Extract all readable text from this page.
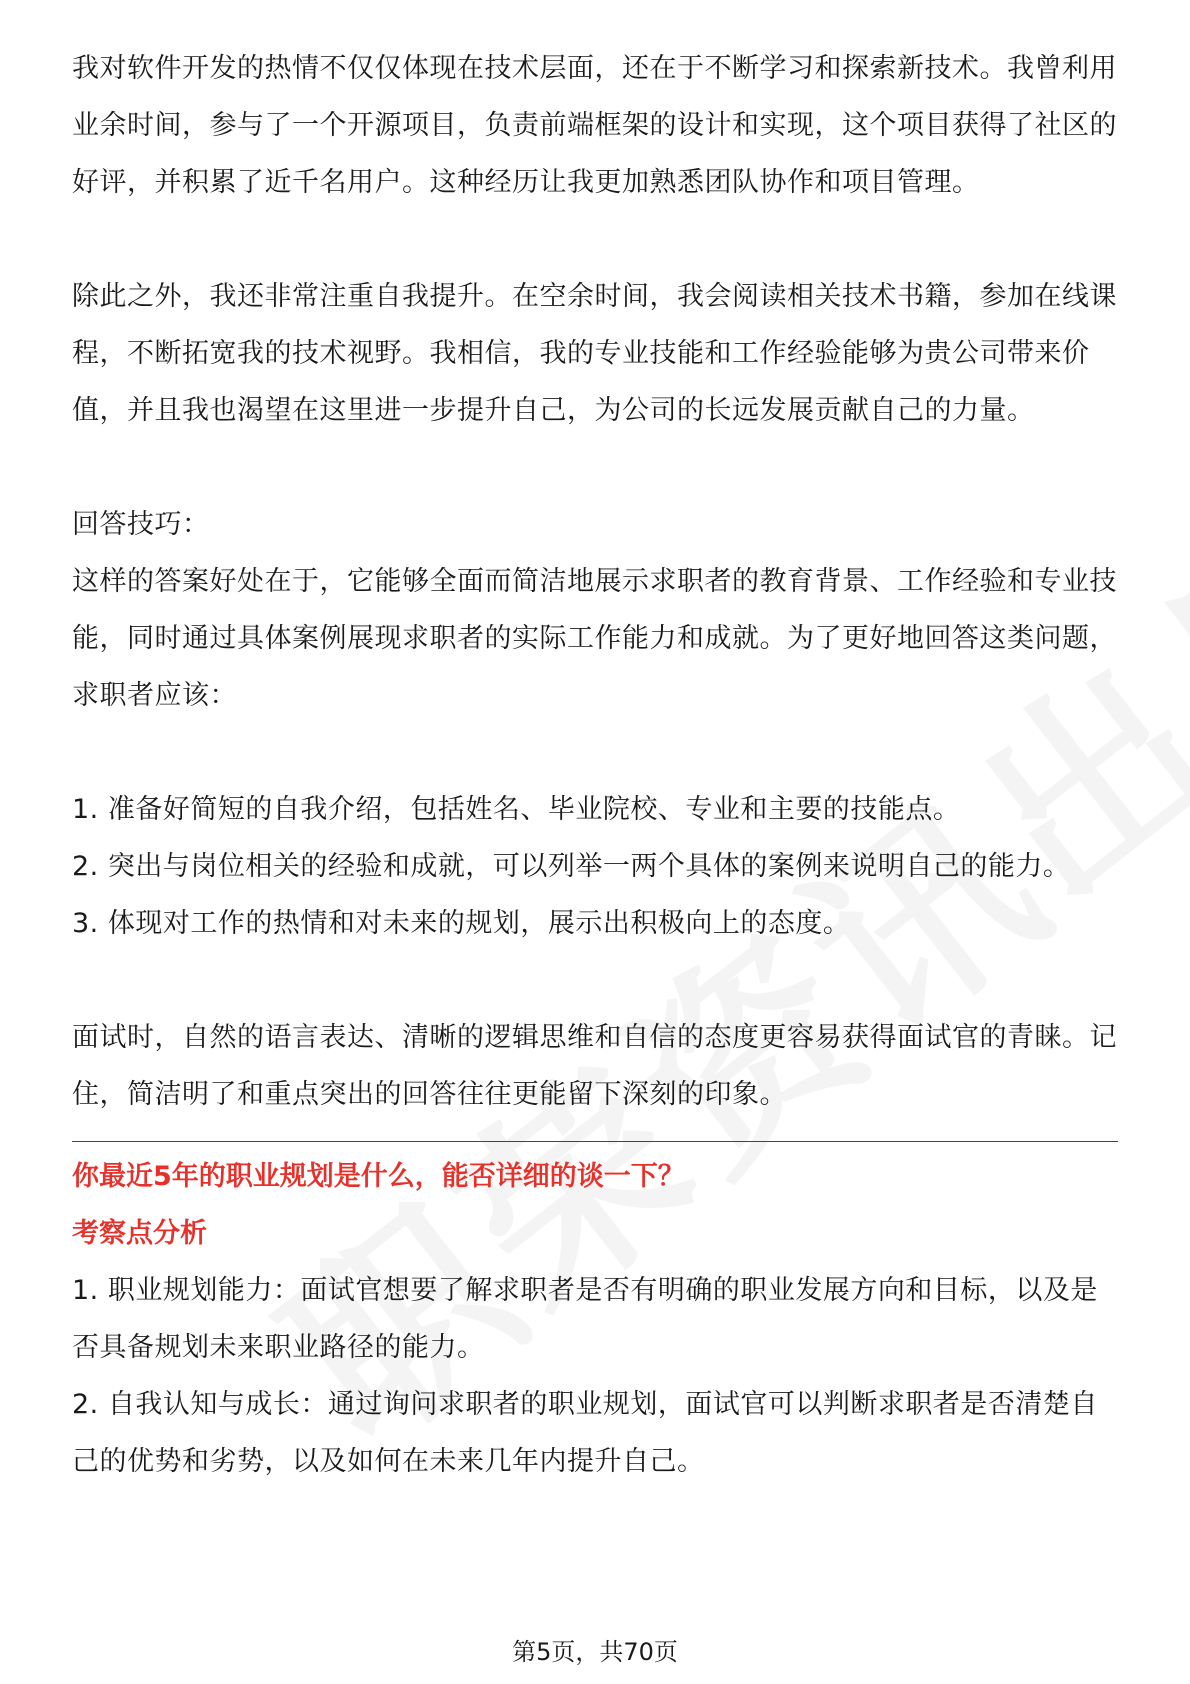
我对软件开发的热情不仅仅体现在技术层面，还在于不断学习和探索新技术。我曾利用业余时间，参与了一个开源项目，负责前端框架的设计和实现，这个项目获得了社区的好评，并积累了近千名用户。这种经历让我更加熟悉团队协作和项目管理。

除此之外，我还非常注重自我提升。在空余时间，我会阅读相关技术书籍，参加在线课程，不断拓宽我的技术视野。我相信，我的专业技能和工作经验能够为贵公司带来价值，并且我也渴望在这里进一步提升自己，为公司的长远发展贡献自己的力量。

回答技巧：

这样的答案好处在于，它能够全面而简洁地展示求职者的教育背景、工作经验和专业技能，同时通过具体案例展现求职者的实际工作能力和成就。为了更好地回答这类问题，求职者应该：

1. 准备好简短的自我介绍，包括姓名、毕业院校、专业和主要的技能点。

2. 突出与岗位相关的经验和成就，可以列举一两个具体的案例来说明自己的能力。

3. 体现对工作的热情和对未来的规划，展示出积极向上的态度。

面试时，自然的语言表达、清晰的逻辑思维和自信的态度更容易获得面试官的青睐。记住，简洁明了和重点突出的回答往往更能留下深刻的印象。

你最近5年的职业规划是什么，能否详细的谈一下？

考察点分析

1. 职业规划能力：面试官想要了解求职者是否有明确的职业发展方向和目标，以及是否具备规划未来职业路径的能力。

2. 自我认知与成长：通过询问求职者的职业规划，面试官可以判断求职者是否清楚自己的优势和劣势，以及如何在未来几年内提升自己。

第5页，共70页
